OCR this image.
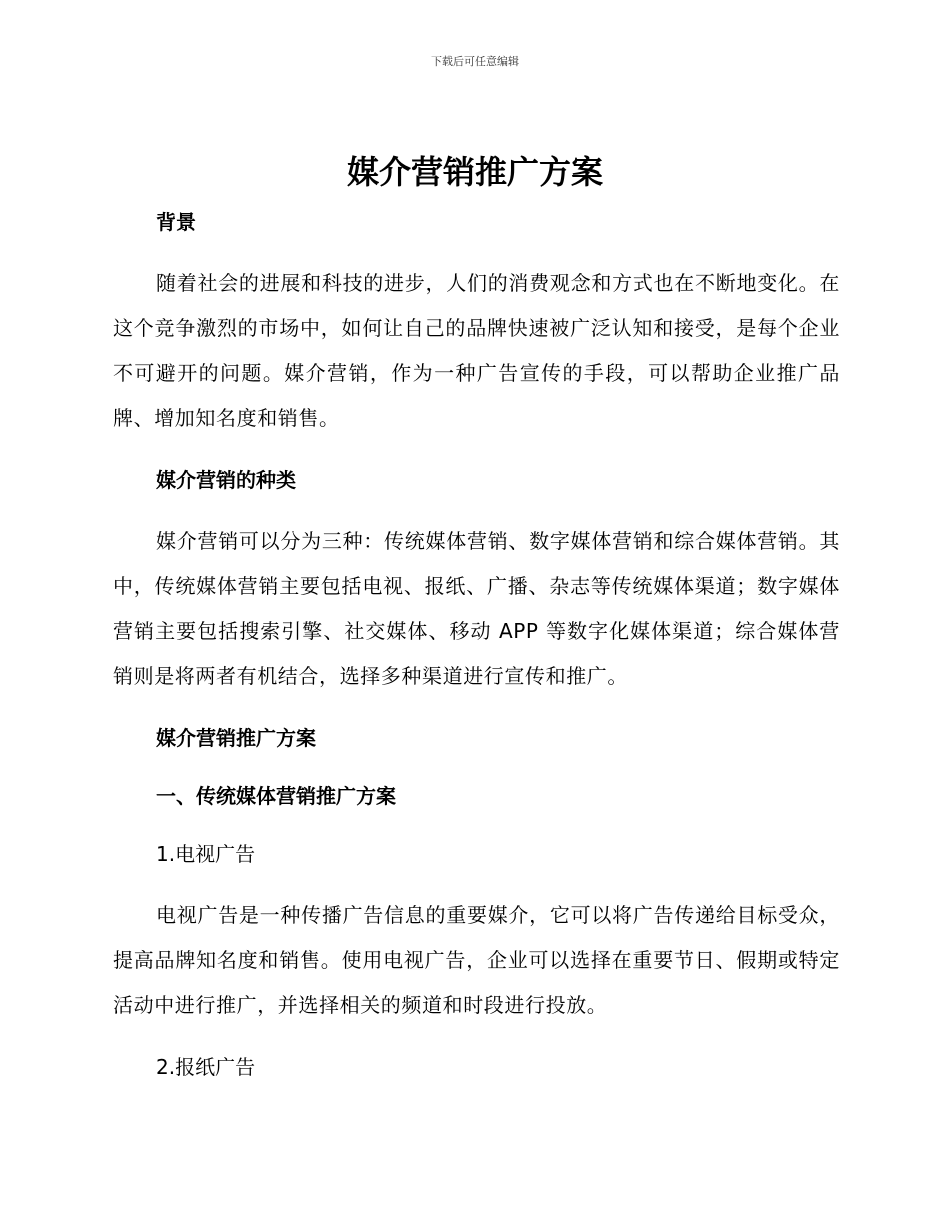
下载后可任意编辑
媒介营销推广方案

背景

随着社会的进展和科技的进步，人们的消费观念和方式也在不断地变化。在这个竞争激烈的市场中，如何让自己的品牌快速被广泛认知和接受，是每个企业不可避开的问题。媒介营销，作为一种广告宣传的手段，可以帮助企业推广品牌、增加知名度和销售。

媒介营销的种类

媒介营销可以分为三种：传统媒体营销、数字媒体营销和综合媒体营销。其中，传统媒体营销主要包括电视、报纸、广播、杂志等传统媒体渠道；数字媒体营销主要包括搜索引擎、社交媒体、移动 APP 等数字化媒体渠道；综合媒体营销则是将两者有机结合，选择多种渠道进行宣传和推广。

媒介营销推广方案

一、传统媒体营销推广方案

1.电视广告

电视广告是一种传播广告信息的重要媒介，它可以将广告传递给目标受众，提高品牌知名度和销售。使用电视广告，企业可以选择在重要节日、假期或特定活动中进行推广，并选择相关的频道和时段进行投放。

2.报纸广告
